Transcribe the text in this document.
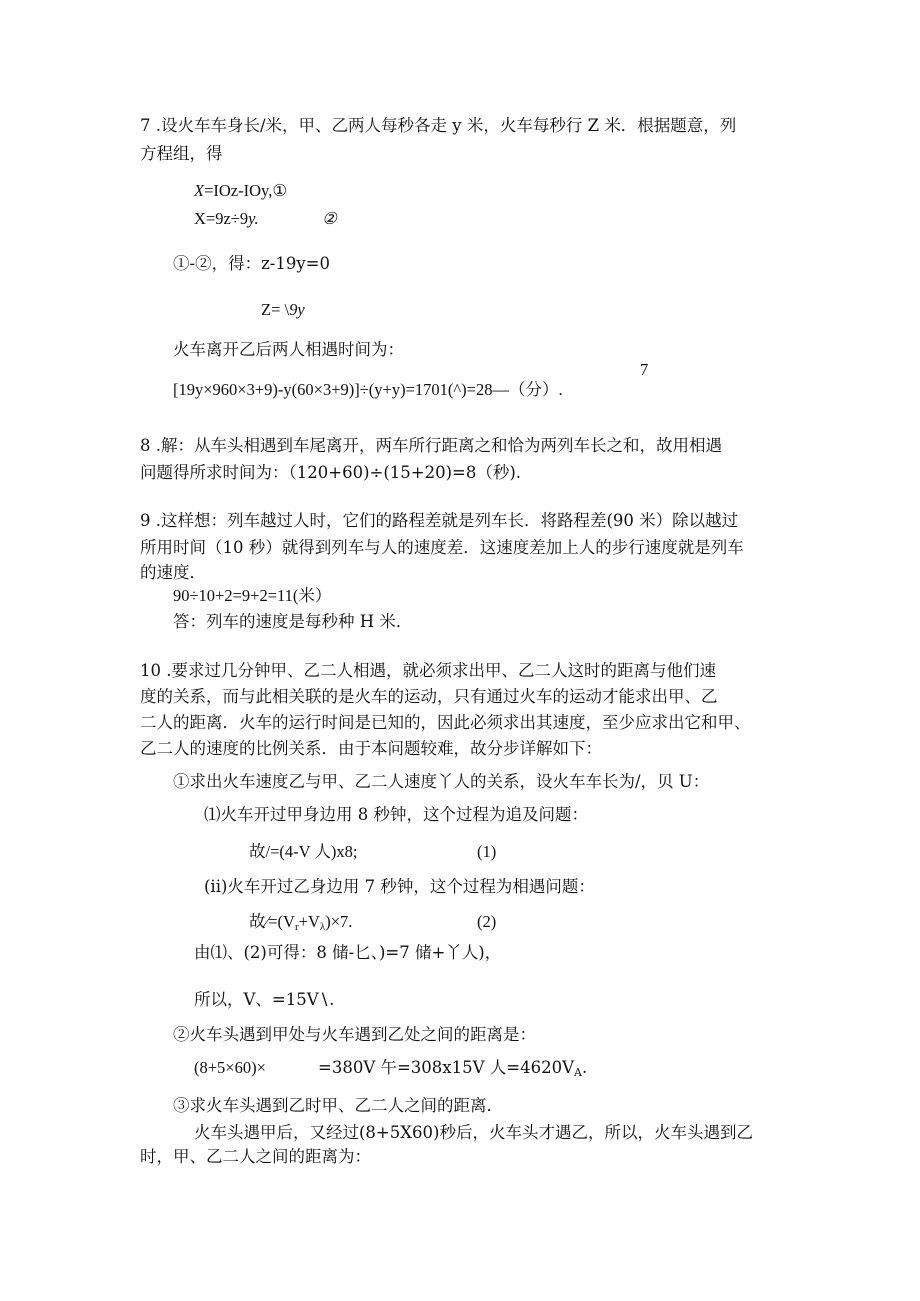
7 .设火车车身长/米，甲、乙两人每秒各走 y 米，火车每秒行 Z 米．根据题意，列
方程组，得
X=IOz-IOy,①
X=9z÷9y.	②
①-②，得：z-19y=0
Z= \9y
火车离开乙后两人相遇时间为：
7
[19y×960×3+9)-y(60×3+9)]÷(y+y)=1701(^)=28—（分）.
8 .解：从车头相遇到车尾离开，两车所行距离之和恰为两列车长之和，故用相遇
问题得所求时间为：（120+60)÷(15+20)=8（秒).
9 .这样想：列车越过人时，它们的路程差就是列车长．将路程差(90 米）除以越过
所用时间（10 秒）就得到列车与人的速度差．这速度差加上人的步行速度就是列车
的速度．
90÷10+2=9+2=11(米）
答：列车的速度是每秒种 H 米．
10 .要求过几分钟甲、乙二人相遇，就必须求出甲、乙二人这时的距离与他们速
度的关系，而与此相关联的是火车的运动，只有通过火车的运动才能求出甲、乙
二人的距离．火车的运行时间是已知的，因此必须求出其速度，至少应求出它和甲、
乙二人的速度的比例关系．由于本问题较难，故分步详解如下：
①求出火车速度乙与甲、乙二人速度丫人的关系，设火车车长为/，贝 U：
⑴火车开过甲身边用 8 秒钟，这个过程为追及问题：
故/=(4-V 人)x8;	(1)
(ii)火车开过乙身边用 7 秒钟，这个过程为相遇问题：
故∕=(Vr+Vλ)×7.	(2)
由⑴、(2)可得：8 储-匕、)=7 储+丫人)，
所以，V、=15V∖.
②火车头遇到甲处与火车遇到乙处之间的距离是：
(8+5×60)×	=380V 午=308x15V 人=4620VA.
③求火车头遇到乙时甲、乙二人之间的距离．
火车头遇甲后，又经过(8+5X60)秒后，火车头才遇乙，所以，火车头遇到乙
时，甲、乙二人之间的距离为：
